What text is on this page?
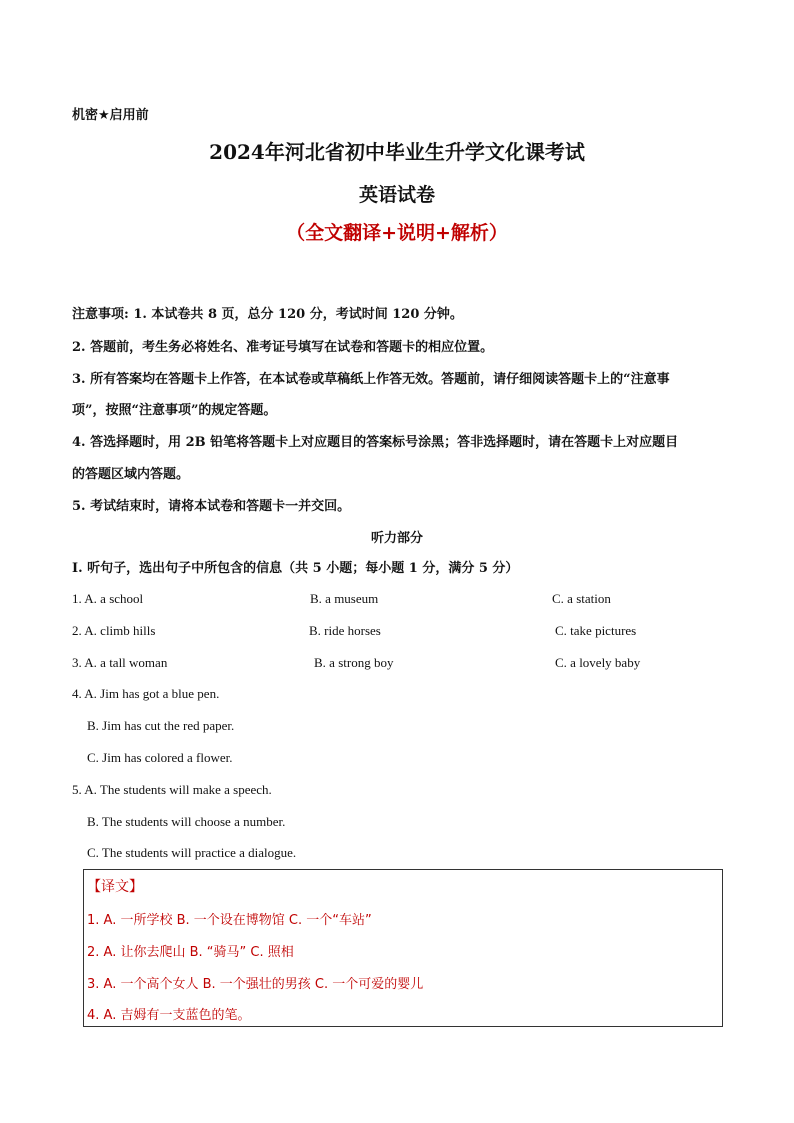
机密★启用前
2024年河北省初中毕业生升学文化课考试
英语试卷
（全文翻译+说明+解析）
注意事项: 1. 本试卷共 8 页，总分 120 分，考试时间 120 分钟。
2. 答题前，考生务必将姓名、准考证号填写在试卷和答题卡的相应位置。
3. 所有答案均在答题卡上作答，在本试卷或草稿纸上作答无效。答题前，请仔细阅读答题卡上的“注意事
项”，按照“注意事项”的规定答题。
4. 答选择题时，用 2B 铅笔将答题卡上对应题目的答案标号涂黑；答非选择题时，请在答题卡上对应题目
的答题区域内答题。
5. 考试结束时，请将本试卷和答题卡一并交回。
听力部分
I. 听句子，选出句子中所包含的信息（共 5 小题；每小题 1 分，满分 5 分）
1. A. a school	B. a museum	C. a station
2. A. climb hills	B. ride horses	C. take pictures
3. A. a tall woman	B. a strong boy	C. a lovely baby
4. A. Jim has got a blue pen.
B. Jim has cut the red paper.
C. Jim has colored a flower.
5. A. The students will make a speech.
B. The students will choose a number.
C. The students will practice a dialogue.
【译文】
1. A. 一所学校 B. 一个设在博物馆 C. 一个“车站”
2. A. 让你去爬山 B. “骑马” C. 照相
3. A. 一个高个女人 B. 一个强壮的男孩 C. 一个可爱的婴儿
4. A. 吉姆有一支蓝色的笔。
